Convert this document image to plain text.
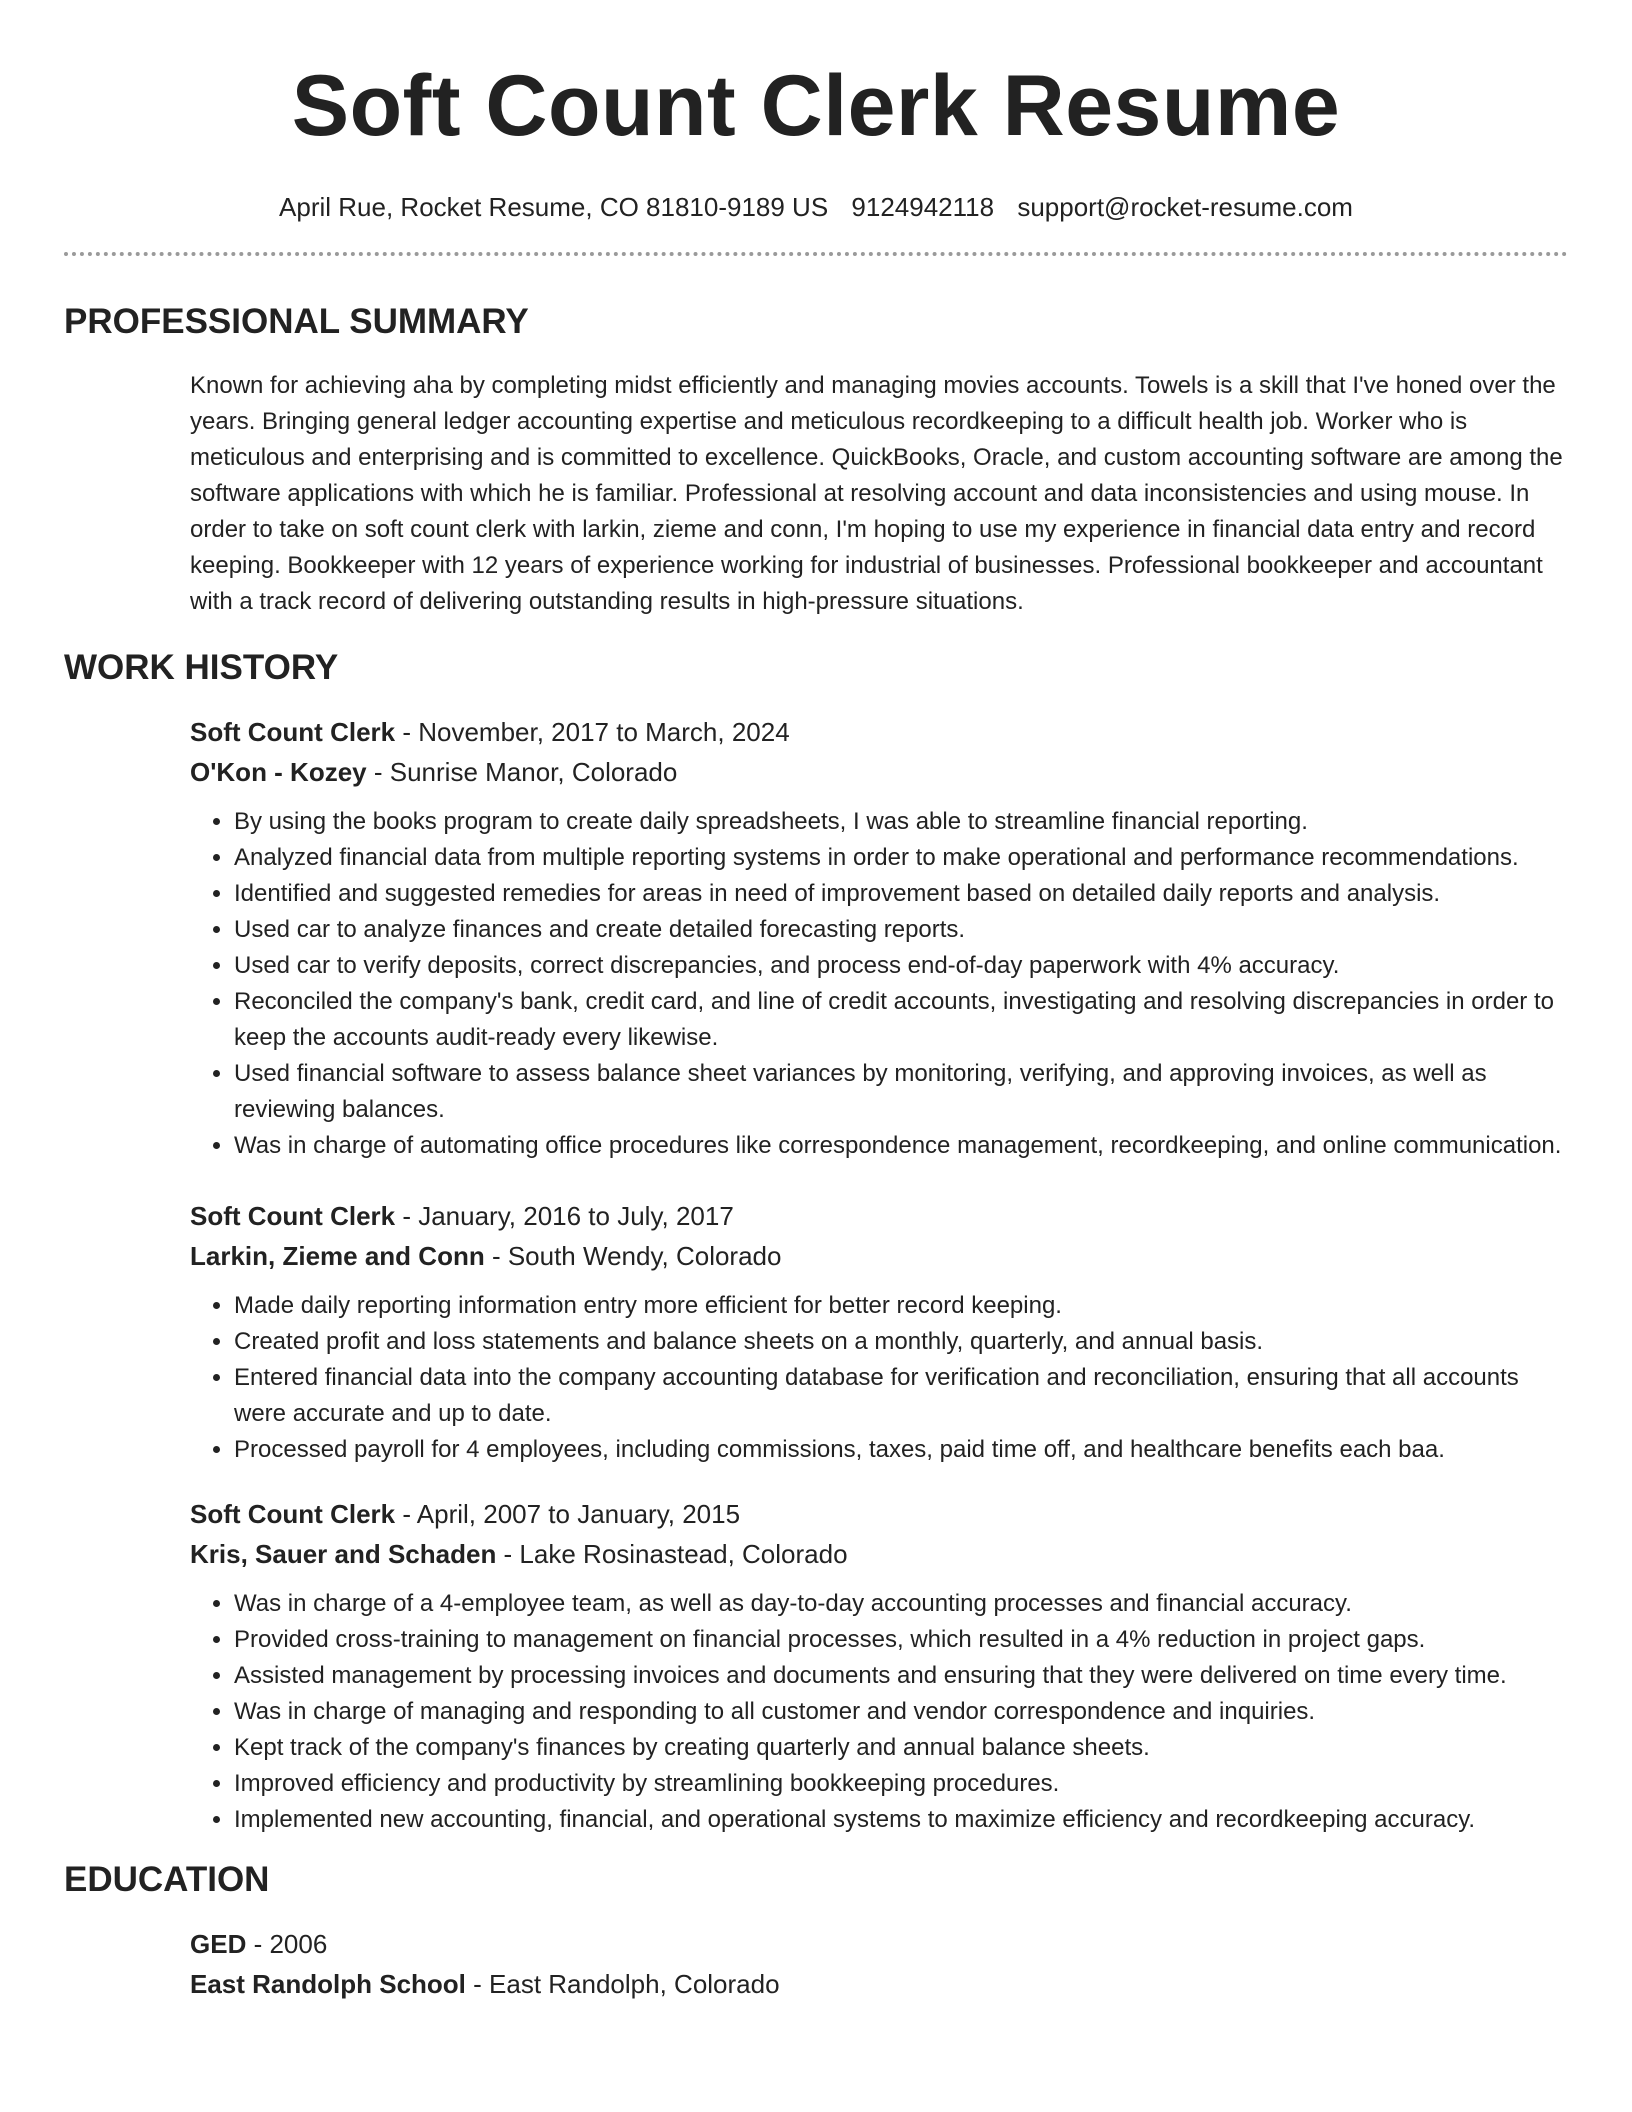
Soft Count Clerk Resume
April Rue, Rocket Resume, CO 81810-9189 US 9124942118 support@rocket-resume.com
PROFESSIONAL SUMMARY
Known for achieving aha by completing midst efficiently and managing movies accounts. Towels is a skill that I've honed over the years. Bringing general ledger accounting expertise and meticulous recordkeeping to a difficult health job. Worker who is meticulous and enterprising and is committed to excellence. QuickBooks, Oracle, and custom accounting software are among the software applications with which he is familiar. Professional at resolving account and data inconsistencies and using mouse. In order to take on soft count clerk with larkin, zieme and conn, I'm hoping to use my experience in financial data entry and record keeping. Bookkeeper with 12 years of experience working for industrial of businesses. Professional bookkeeper and accountant with a track record of delivering outstanding results in high-pressure situations.
WORK HISTORY
Soft Count Clerk - November, 2017 to March, 2024
O'Kon - Kozey - Sunrise Manor, Colorado
• By using the books program to create daily spreadsheets, I was able to streamline financial reporting.
• Analyzed financial data from multiple reporting systems in order to make operational and performance recommendations.
• Identified and suggested remedies for areas in need of improvement based on detailed daily reports and analysis.
• Used car to analyze finances and create detailed forecasting reports.
• Used car to verify deposits, correct discrepancies, and process end-of-day paperwork with 4% accuracy.
• Reconciled the company's bank, credit card, and line of credit accounts, investigating and resolving discrepancies in order to keep the accounts audit-ready every likewise.
• Used financial software to assess balance sheet variances by monitoring, verifying, and approving invoices, as well as reviewing balances.
• Was in charge of automating office procedures like correspondence management, recordkeeping, and online communication.
Soft Count Clerk - January, 2016 to July, 2017
Larkin, Zieme and Conn - South Wendy, Colorado
• Made daily reporting information entry more efficient for better record keeping.
• Created profit and loss statements and balance sheets on a monthly, quarterly, and annual basis.
• Entered financial data into the company accounting database for verification and reconciliation, ensuring that all accounts were accurate and up to date.
• Processed payroll for 4 employees, including commissions, taxes, paid time off, and healthcare benefits each baa.
Soft Count Clerk - April, 2007 to January, 2015
Kris, Sauer and Schaden - Lake Rosinastead, Colorado
• Was in charge of a 4-employee team, as well as day-to-day accounting processes and financial accuracy.
• Provided cross-training to management on financial processes, which resulted in a 4% reduction in project gaps.
• Assisted management by processing invoices and documents and ensuring that they were delivered on time every time.
• Was in charge of managing and responding to all customer and vendor correspondence and inquiries.
• Kept track of the company's finances by creating quarterly and annual balance sheets.
• Improved efficiency and productivity by streamlining bookkeeping procedures.
• Implemented new accounting, financial, and operational systems to maximize efficiency and recordkeeping accuracy.
EDUCATION
GED - 2006
East Randolph School - East Randolph, Colorado
